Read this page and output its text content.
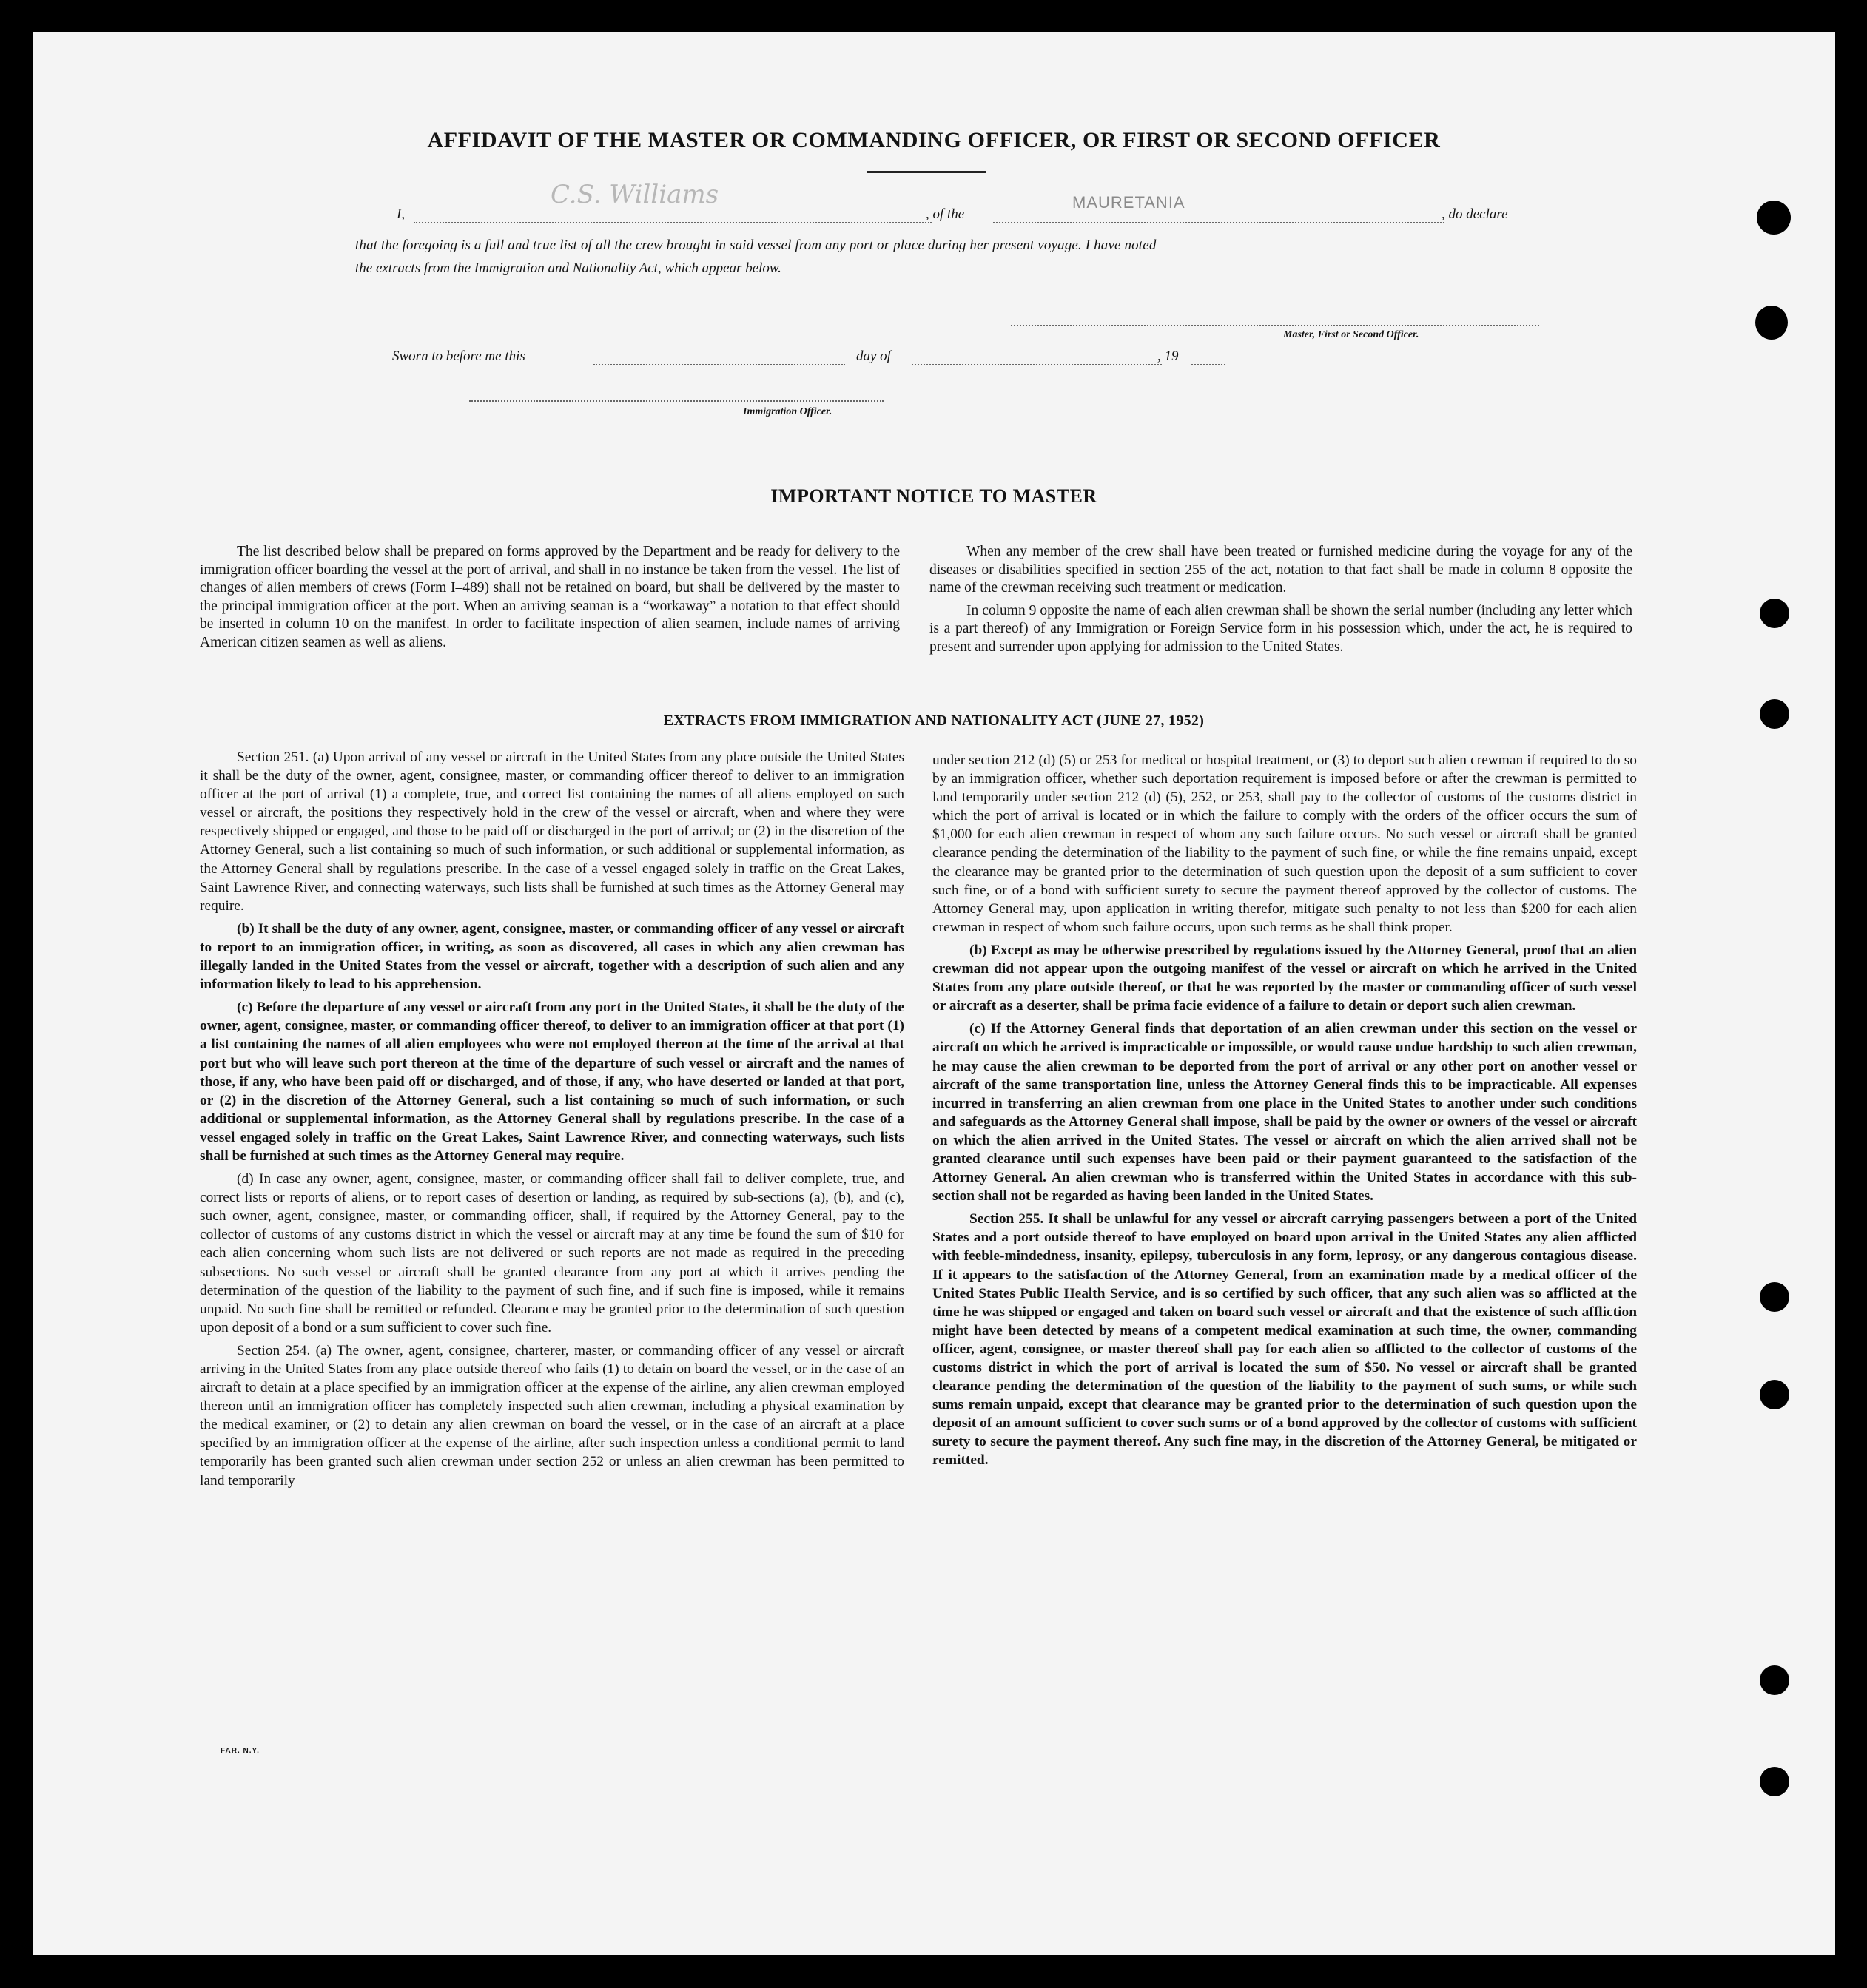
AFFIDAVIT OF THE MASTER OR COMMANDING OFFICER, OR FIRST OR SECOND OFFICER
I,
C.S. Williams
, of the
MAURETANIA
, do declare
that the foregoing is a full and true list of all the crew brought in said vessel from any port or place during her present voyage. I have noted
the extracts from the Immigration and Nationality Act, which appear below.
Master, First or Second Officer.
Sworn to before me this	day of	, 19
Immigration Officer.
IMPORTANT NOTICE TO MASTER

The list described below shall be prepared on forms approved by the Department and be ready for delivery to the immigration officer boarding the vessel at the port of arrival, and shall in no instance be taken from the vessel. The list of changes of alien members of crews (Form I–489) shall not be retained on board, but shall be delivered by the master to the principal immigration officer at the port. When an arriving seaman is a “workaway” a notation to that effect should be inserted in column 10 on the manifest. In order to facilitate inspection of alien seamen, include names of arriving American citizen seamen as well as aliens.

When any member of the crew shall have been treated or furnished medicine during the voyage for any of the diseases or disabilities specified in section 255 of the act, notation to that fact shall be made in column 8 opposite the name of the crewman receiving such treatment or medication.

In column 9 opposite the name of each alien crewman shall be shown the serial number (including any letter which is a part thereof) of any Immigration or Foreign Service form in his possession which, under the act, he is required to present and surrender upon applying for admission to the United States.

EXTRACTS FROM IMMIGRATION AND NATIONALITY ACT (JUNE 27, 1952)

Section 251. (a) Upon arrival of any vessel or aircraft in the United States from any place outside the United States it shall be the duty of the owner, agent, consignee, master, or commanding officer thereof to deliver to an immigration officer at the port of arrival (1) a complete, true, and correct list containing the names of all aliens employed on such vessel or aircraft, the positions they respectively hold in the crew of the vessel or aircraft, when and where they were respectively shipped or engaged, and those to be paid off or discharged in the port of arrival; or (2) in the discretion of the Attorney General, such a list containing so much of such information, or such additional or supplemental information, as the Attorney General shall by regulations prescribe. In the case of a vessel engaged solely in traffic on the Great Lakes, Saint Lawrence River, and connecting waterways, such lists shall be furnished at such times as the Attorney General may require.

(b) It shall be the duty of any owner, agent, consignee, master, or commanding officer of any vessel or aircraft to report to an immigration officer, in writing, as soon as discovered, all cases in which any alien crewman has illegally landed in the United States from the vessel or aircraft, together with a description of such alien and any information likely to lead to his apprehension.

(c) Before the departure of any vessel or aircraft from any port in the United States, it shall be the duty of the owner, agent, consignee, master, or commanding officer thereof, to deliver to an immigration officer at that port (1) a list containing the names of all alien employees who were not employed thereon at the time of the arrival at that port but who will leave such port thereon at the time of the departure of such vessel or aircraft and the names of those, if any, who have been paid off or discharged, and of those, if any, who have deserted or landed at that port, or (2) in the discretion of the Attorney General, such a list containing so much of such information, or such additional or supplemental information, as the Attorney General shall by regulations prescribe. In the case of a vessel engaged solely in traffic on the Great Lakes, Saint Lawrence River, and connecting waterways, such lists shall be furnished at such times as the Attorney General may require.

(d) In case any owner, agent, consignee, master, or commanding officer shall fail to deliver complete, true, and correct lists or reports of aliens, or to report cases of desertion or landing, as required by sub-sections (a), (b), and (c), such owner, agent, consignee, master, or commanding officer, shall, if required by the Attorney General, pay to the collector of customs of any customs district in which the vessel or aircraft may at any time be found the sum of $10 for each alien concerning whom such lists are not delivered or such reports are not made as required in the preceding subsections. No such vessel or aircraft shall be granted clearance from any port at which it arrives pending the determination of the question of the liability to the payment of such fine, and if such fine is imposed, while it remains unpaid. No such fine shall be remitted or refunded. Clearance may be granted prior to the determination of such question upon deposit of a bond or a sum sufficient to cover such fine.

Section 254. (a) The owner, agent, consignee, charterer, master, or commanding officer of any vessel or aircraft arriving in the United States from any place outside thereof who fails (1) to detain on board the vessel, or in the case of an aircraft to detain at a place specified by an immigration officer at the expense of the airline, any alien crewman employed thereon until an immigration officer has completely inspected such alien crewman, including a physical examination by the medical examiner, or (2) to detain any alien crewman on board the vessel, or in the case of an aircraft at a place specified by an immigration officer at the expense of the airline, after such inspection unless a conditional permit to land temporarily has been granted such alien crewman under section 252 or unless an alien crewman has been permitted to land temporarily

under section 212 (d) (5) or 253 for medical or hospital treatment, or (3) to deport such alien crewman if required to do so by an immigration officer, whether such deportation requirement is imposed before or after the crewman is permitted to land temporarily under section 212 (d) (5), 252, or 253, shall pay to the collector of customs of the customs district in which the port of arrival is located or in which the failure to comply with the orders of the officer occurs the sum of $1,000 for each alien crewman in respect of whom any such failure occurs. No such vessel or aircraft shall be granted clearance pending the determination of the liability to the payment of such fine, or while the fine remains unpaid, except the clearance may be granted prior to the determination of such question upon the deposit of a sum sufficient to cover such fine, or of a bond with sufficient surety to secure the payment thereof approved by the collector of customs. The Attorney General may, upon application in writing therefor, mitigate such penalty to not less than $200 for each alien crewman in respect of whom such failure occurs, upon such terms as he shall think proper.

(b) Except as may be otherwise prescribed by regulations issued by the Attorney General, proof that an alien crewman did not appear upon the outgoing manifest of the vessel or aircraft on which he arrived in the United States from any place outside thereof, or that he was reported by the master or commanding officer of such vessel or aircraft as a deserter, shall be prima facie evidence of a failure to detain or deport such alien crewman.

(c) If the Attorney General finds that deportation of an alien crewman under this section on the vessel or aircraft on which he arrived is impracticable or impossible, or would cause undue hardship to such alien crewman, he may cause the alien crewman to be deported from the port of arrival or any other port on another vessel or aircraft of the same transportation line, unless the Attorney General finds this to be impracticable. All expenses incurred in transferring an alien crewman from one place in the United States to another under such conditions and safeguards as the Attorney General shall impose, shall be paid by the owner or owners of the vessel or aircraft on which the alien arrived in the United States. The vessel or aircraft on which the alien arrived shall not be granted clearance until such expenses have been paid or their payment guaranteed to the satisfaction of the Attorney General. An alien crewman who is transferred within the United States in accordance with this sub-section shall not be regarded as having been landed in the United States.

Section 255. It shall be unlawful for any vessel or aircraft carrying passengers between a port of the United States and a port outside thereof to have employed on board upon arrival in the United States any alien afflicted with feeble-mindedness, insanity, epilepsy, tuberculosis in any form, leprosy, or any dangerous contagious disease. If it appears to the satisfaction of the Attorney General, from an examination made by a medical officer of the United States Public Health Service, and is so certified by such officer, that any such alien was so afflicted at the time he was shipped or engaged and taken on board such vessel or aircraft and that the existence of such affliction might have been detected by means of a competent medical examination at such time, the owner, commanding officer, agent, consignee, or master thereof shall pay for each alien so afflicted to the collector of customs of the customs district in which the port of arrival is located the sum of $50. No vessel or aircraft shall be granted clearance pending the determination of the question of the liability to the payment of such sums, or while such sums remain unpaid, except that clearance may be granted prior to the determination of such question upon the deposit of an amount sufficient to cover such sums or of a bond approved by the collector of customs with sufficient surety to secure the payment thereof. Any such fine may, in the discretion of the Attorney General, be mitigated or remitted.

FAR. N.Y.
